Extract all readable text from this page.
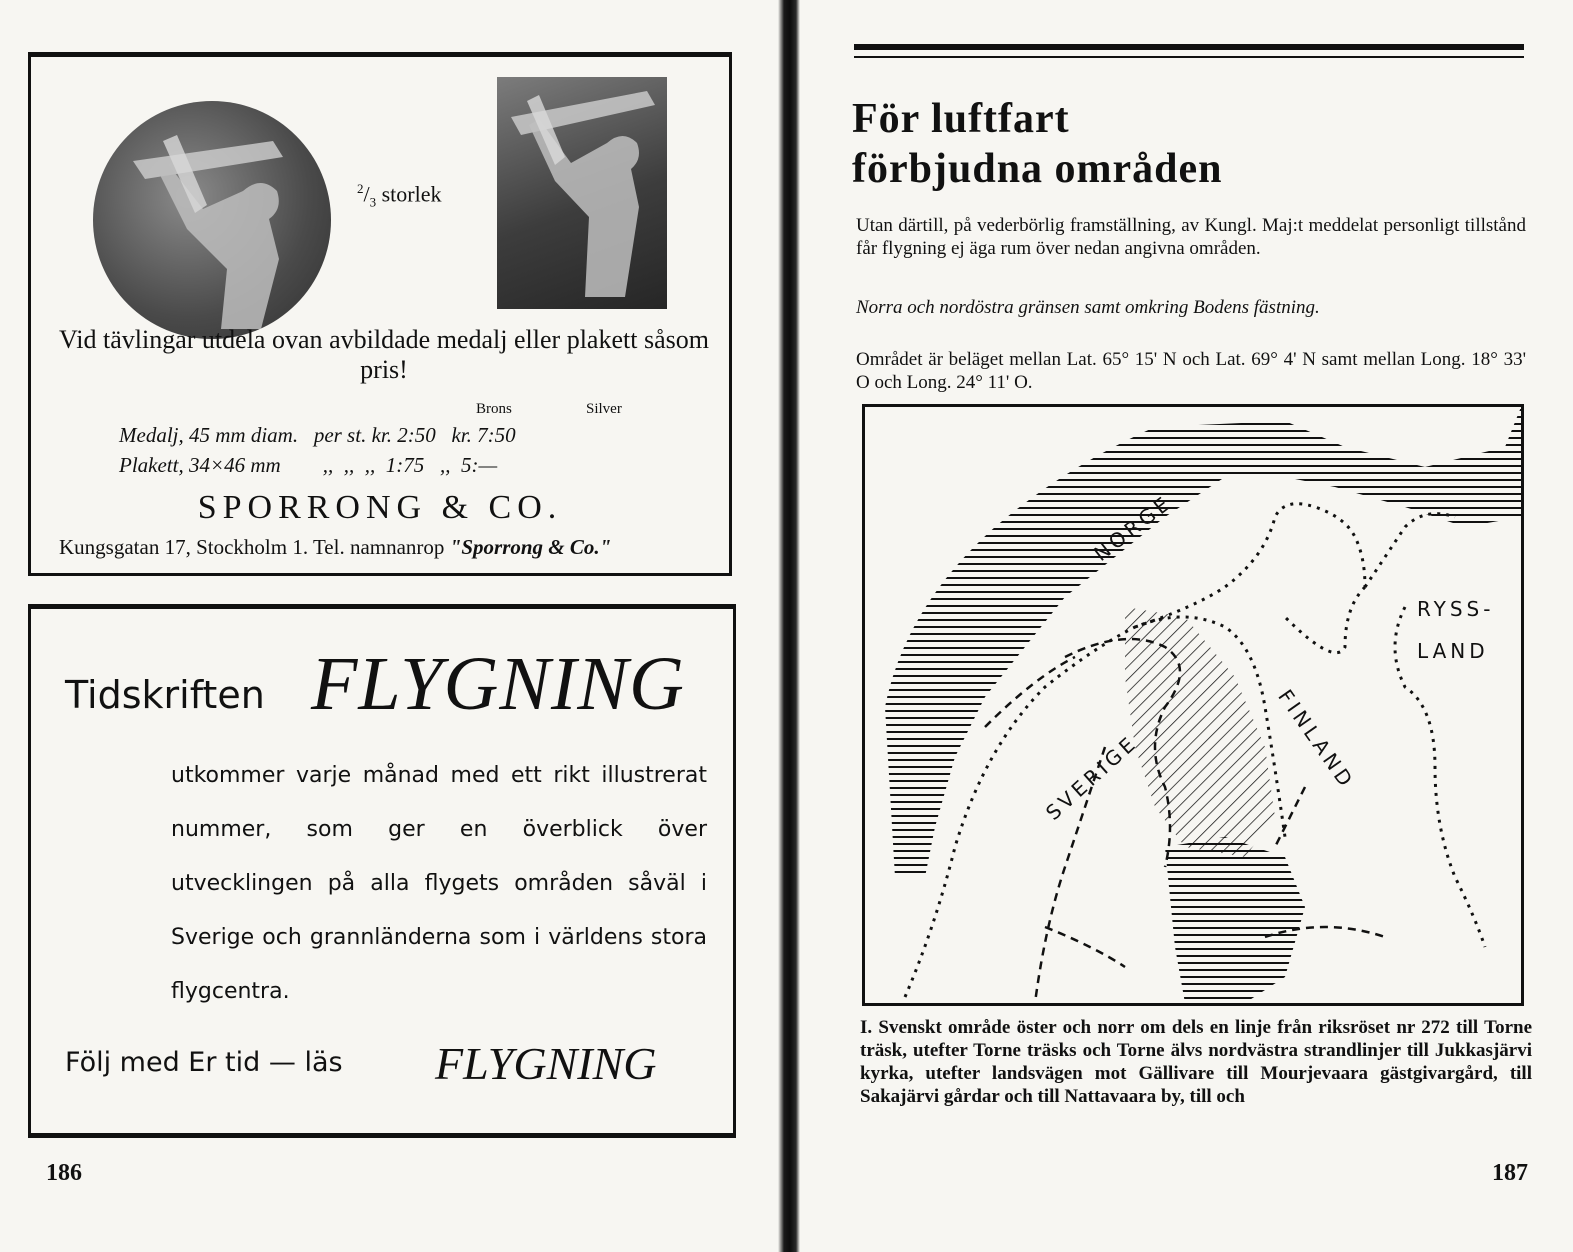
$^2/_3$ storlek
Vid tävlingar utdela ovan avbildade medalj eller plakett såsom pris!
Brons	Silver
Medalj, 45 mm diam.   per st. kr. 2:50   kr. 7:50
Plakett, 34×46 mm        ,,  ,,  ,,  1:75   ,,  5:—
SPORRONG & CO.
Kungsgatan 17, Stockholm 1. Tel. namnanrop "Sporrong & Co."
Tidskriften FLYGNING
utkommer varje månad med ett rikt illustrerat nummer, som ger en överblick över utvecklingen på alla flygets områden såväl i Sverige och grannländerna som i världens stora flygcentra.
Följ med Er tid — läs FLYGNING
186
För luftfart
förbjudna områden
Utan därtill, på vederbörlig framställning, av Kungl. Maj:t meddelat personligt tillstånd får flygning ej äga rum över nedan angivna områden.
Norra och nordöstra gränsen samt omkring Bodens fästning.
Området är beläget mellan Lat. 65° 15' N och Lat. 69° 4' N samt mellan Long. 18° 33' O och Long. 24° 11' O.
NORGE
SVERIGE	FINLAND
RYSS-
LAND
I. Svenskt område öster och norr om dels en linje från riksröset nr 272 till Torne träsk, utefter Torne träsks och Torne älvs nordvästra strandlinjer till Jukkasjärvi kyrka, utefter landsvägen mot Gällivare till Mourjevaara gästgivargård, till Sakajärvi gårdar och till Nattavaara by, till och
187
